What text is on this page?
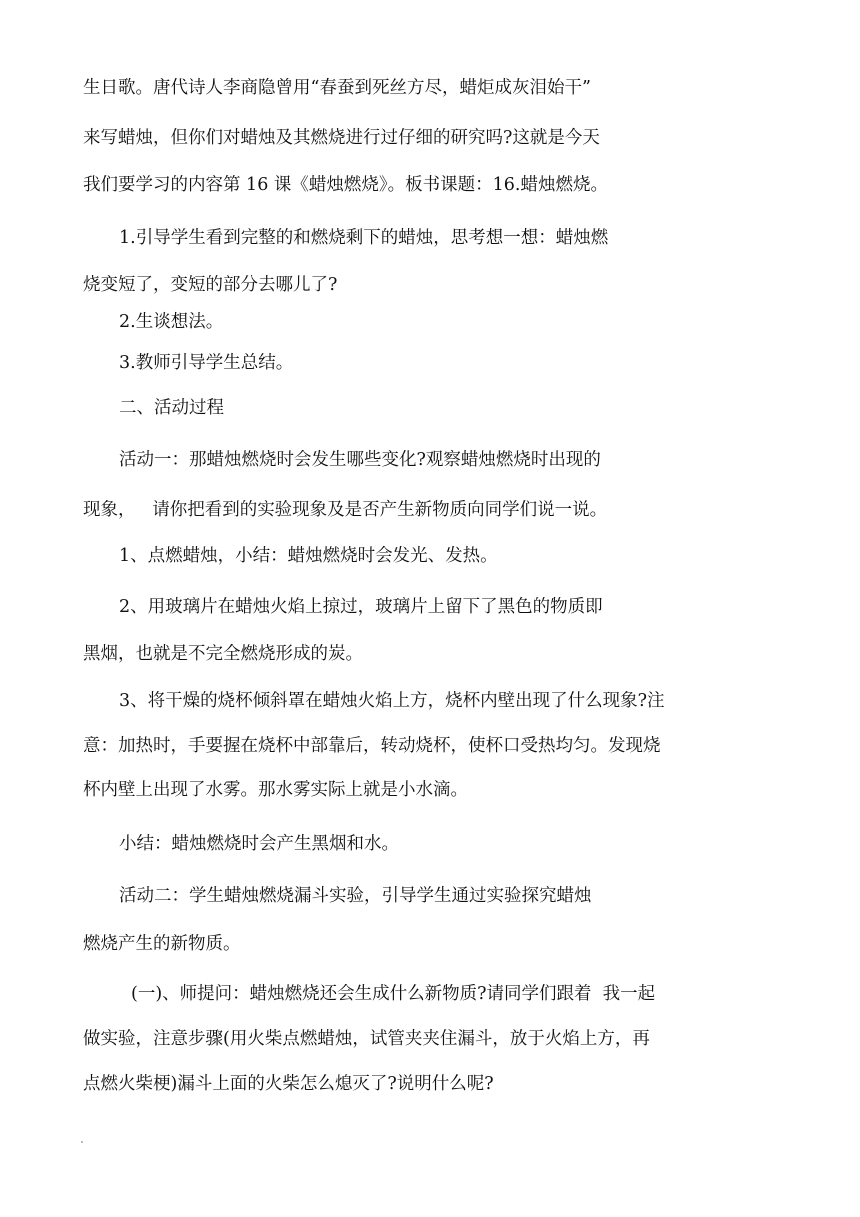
生日歌。唐代诗人李商隐曾用“春蚕到死丝方尽，蜡炬成灰泪始干”
来写蜡烛，但你们对蜡烛及其燃烧进行过仔细的研究吗?这就是今天
我们要学习的内容第 16 课《蜡烛燃烧》。板书课题：16.蜡烛燃烧。
1.引导学生看到完整的和燃烧剩下的蜡烛，思考想一想：蜡烛燃
烧变短了，变短的部分去哪儿了?
2.生谈想法。
3.教师引导学生总结。
二、活动过程
活动一：那蜡烛燃烧时会发生哪些变化?观察蜡烛燃烧时出现的
现象，   请你把看到的实验现象及是否产生新物质向同学们说一说。
1、点燃蜡烛，小结：蜡烛燃烧时会发光、发热。
2、用玻璃片在蜡烛火焰上掠过，玻璃片上留下了黑色的物质即
黑烟，也就是不完全燃烧形成的炭。
3、将干燥的烧杯倾斜罩在蜡烛火焰上方，烧杯内壁出现了什么现象?注
意：加热时，手要握在烧杯中部靠后，转动烧杯，使杯口受热均匀。发现烧
杯内壁上出现了水雾。那水雾实际上就是小水滴。
小结：蜡烛燃烧时会产生黑烟和水。
活动二：学生蜡烛燃烧漏斗实验，引导学生通过实验探究蜡烛
燃烧产生的新物质。
(一)、师提问：蜡烛燃烧还会生成什么新物质?请同学们跟着  我一起
做实验，注意步骤(用火柴点燃蜡烛，试管夹夹住漏斗，放于火焰上方，再
点燃火柴梗)漏斗上面的火柴怎么熄灭了?说明什么呢?
